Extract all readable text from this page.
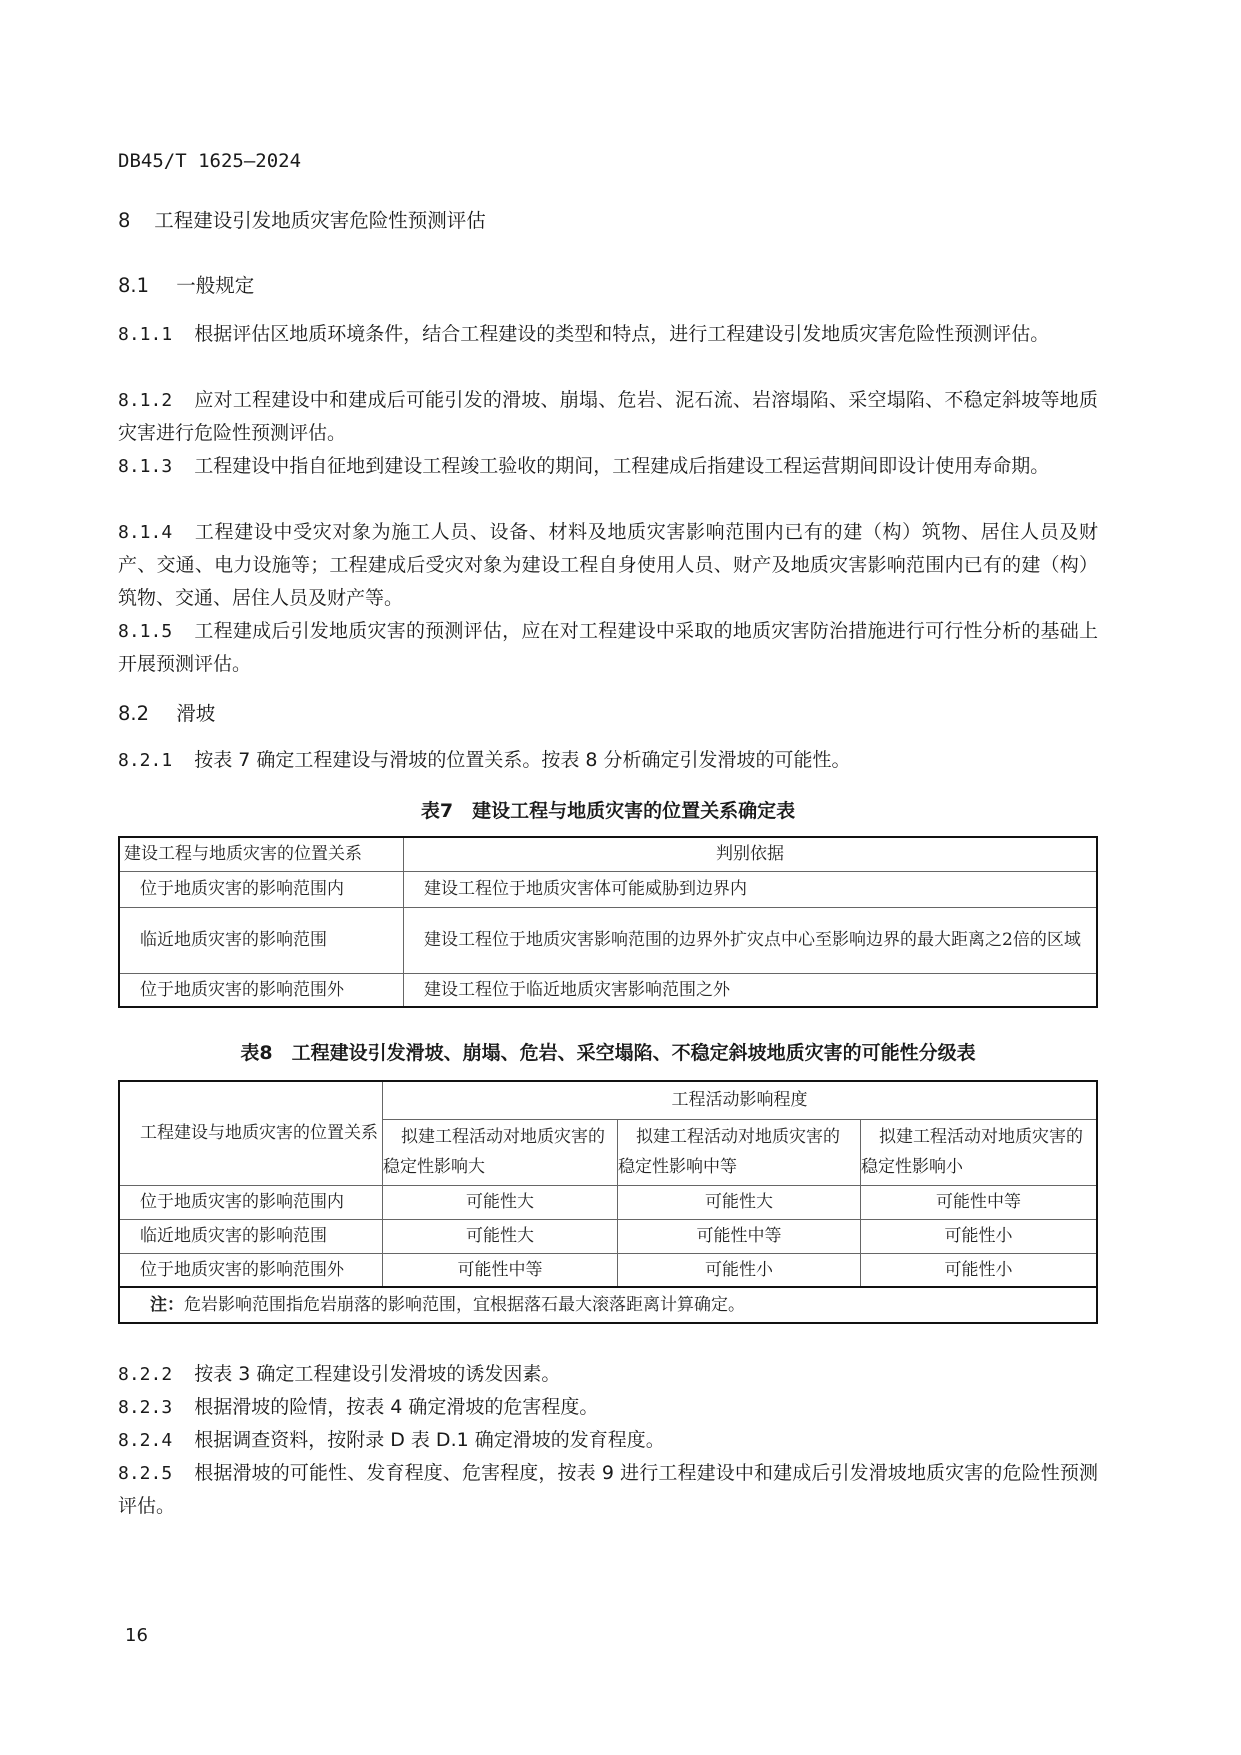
DB45/T 1625—2024
8 工程建设引发地质灾害危险性预测评估
8.1 一般规定
8.1.1 根据评估区地质环境条件，结合工程建设的类型和特点，进行工程建设引发地质灾害危险性预测评估。
8.1.2 应对工程建设中和建成后可能引发的滑坡、崩塌、危岩、泥石流、岩溶塌陷、采空塌陷、不稳定斜坡等地质灾害进行危险性预测评估。
8.1.3 工程建设中指自征地到建设工程竣工验收的期间，工程建成后指建设工程运营期间即设计使用寿命期。
8.1.4 工程建设中受灾对象为施工人员、设备、材料及地质灾害影响范围内已有的建（构）筑物、居住人员及财产、交通、电力设施等；工程建成后受灾对象为建设工程自身使用人员、财产及地质灾害影响范围内已有的建（构）筑物、交通、居住人员及财产等。
8.1.5 工程建成后引发地质灾害的预测评估，应在对工程建设中采取的地质灾害防治措施进行可行性分析的基础上开展预测评估。
8.2 滑坡
8.2.1 按表 7 确定工程建设与滑坡的位置关系。按表 8 分析确定引发滑坡的可能性。
表7　建设工程与地质灾害的位置关系确定表
建设工程与地质灾害的位置关系	判别依据
位于地质灾害的影响范围内	建设工程位于地质灾害体可能威胁到边界内
临近地质灾害的影响范围	建设工程位于地质灾害影响范围的边界外扩灾点中心至影响边界的最大距离之2倍的区域
位于地质灾害的影响范围外	建设工程位于临近地质灾害影响范围之外
表8　工程建设引发滑坡、崩塌、危岩、采空塌陷、不稳定斜坡地质灾害的可能性分级表
工程建设与地质灾害的位置关系	工程活动影响程度		
	拟建工程活动对地质灾害的稳定性影响大	拟建工程活动对地质灾害的稳定性影响中等	拟建工程活动对地质灾害的稳定性影响小
位于地质灾害的影响范围内	可能性大	可能性大	可能性中等
临近地质灾害的影响范围	可能性大	可能性中等	可能性小
位于地质灾害的影响范围外	可能性中等	可能性小	可能性小
注：危岩影响范围指危岩崩落的影响范围，宜根据落石最大滚落距离计算确定。			
8.2.2 按表 3 确定工程建设引发滑坡的诱发因素。
8.2.3 根据滑坡的险情，按表 4 确定滑坡的危害程度。
8.2.4 根据调查资料，按附录 D 表 D.1 确定滑坡的发育程度。
8.2.5 根据滑坡的可能性、发育程度、危害程度，按表 9 进行工程建设中和建成后引发滑坡地质灾害的危险性预测评估。
16
